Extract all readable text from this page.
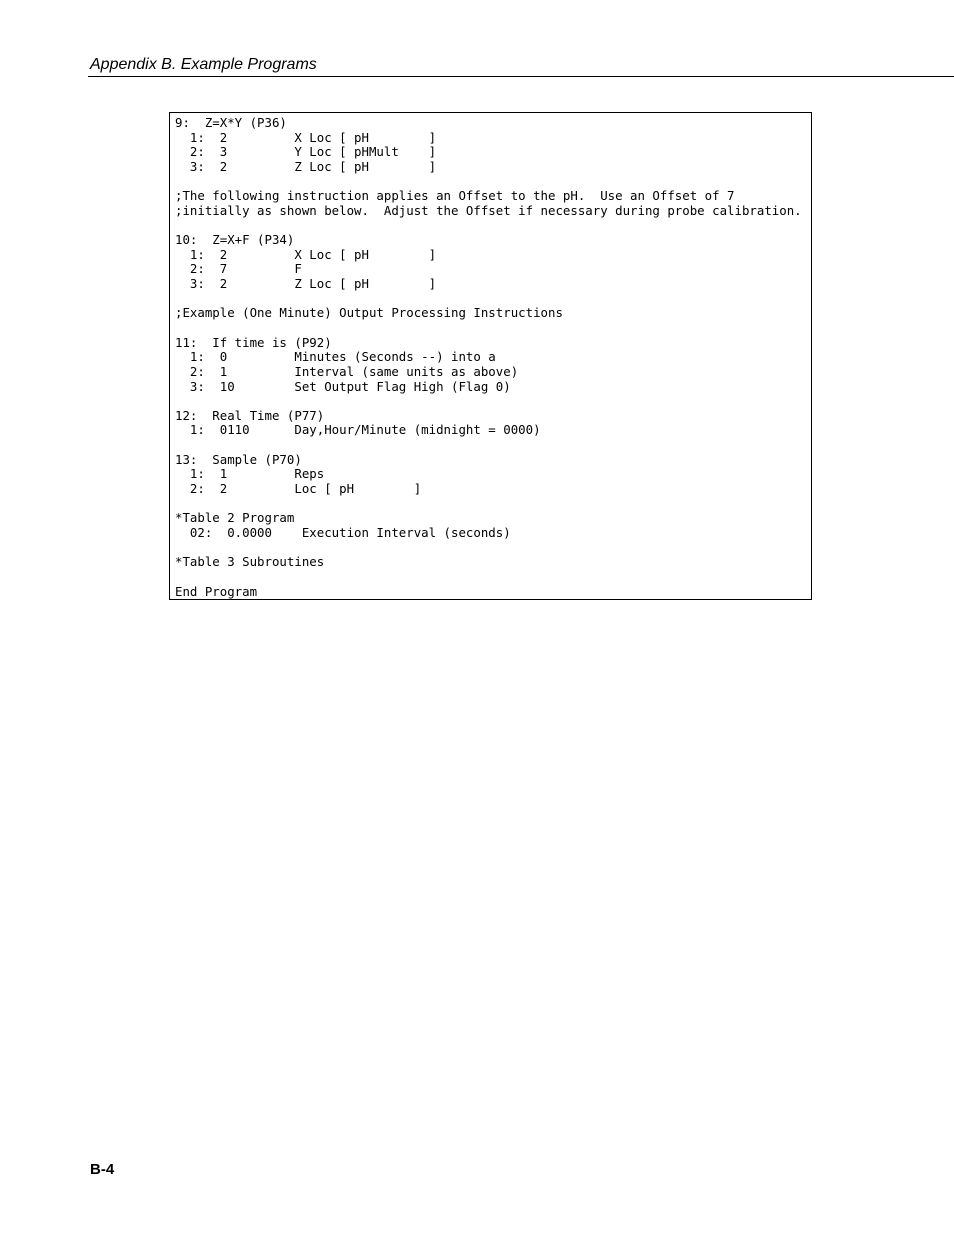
Appendix B. Example Programs
9:  Z=X*Y (P36)
1:  2         X Loc [ pH        ]
2:  3         Y Loc [ pHMult    ]
3:  2         Z Loc [ pH        ]
;The following instruction applies an Offset to the pH.  Use an Offset of 7
;initially as shown below.  Adjust the Offset if necessary during probe calibration.
10:  Z=X+F (P34)
1:  2         X Loc [ pH        ]
2:  7         F
3:  2         Z Loc [ pH        ]
;Example (One Minute) Output Processing Instructions
11:  If time is (P92)
1:  0         Minutes (Seconds --) into a
2:  1         Interval (same units as above)
3:  10        Set Output Flag High (Flag 0)
12:  Real Time (P77)
1:  0110      Day,Hour/Minute (midnight = 0000)
13:  Sample (P70)
1:  1         Reps
2:  2         Loc [ pH        ]
*Table 2 Program
02:  0.0000    Execution Interval (seconds)
*Table 3 Subroutines
End Program
B-4
